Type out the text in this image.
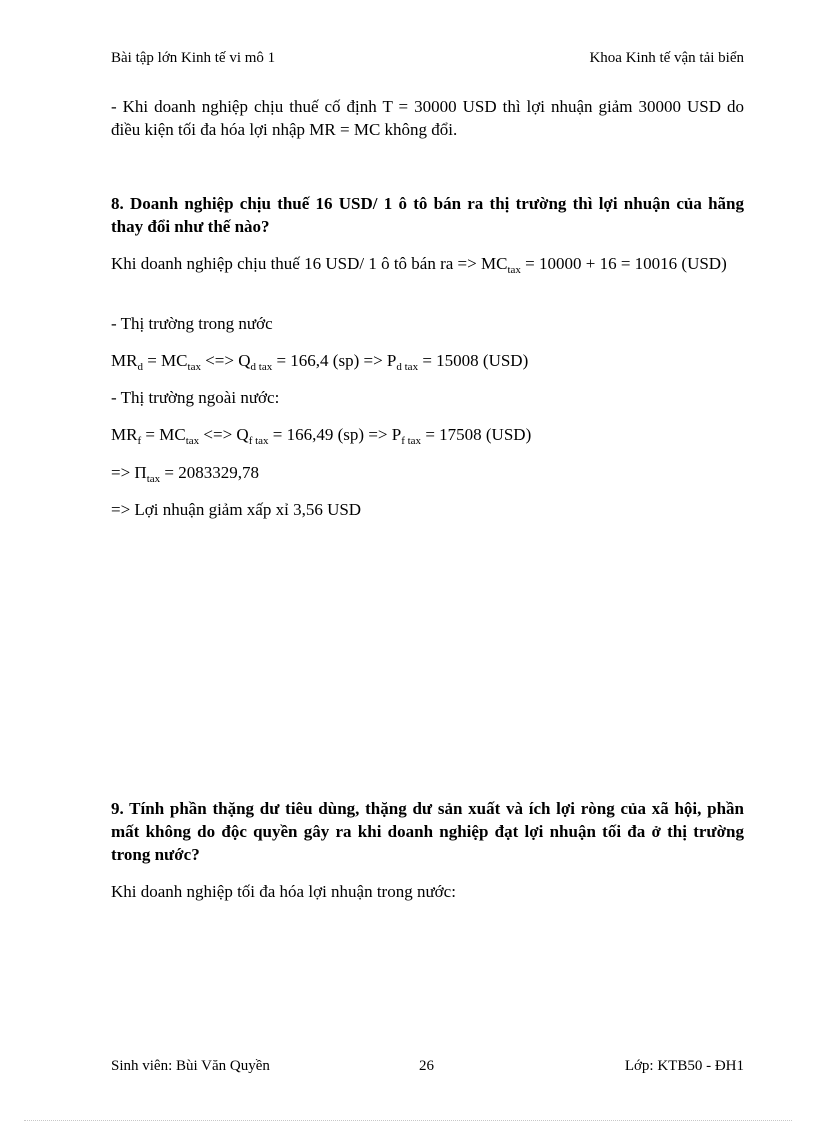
Bài tập lớn Kinh tế vi mô 1	Khoa Kinh tế vận tải biển
- Khi doanh nghiệp chịu thuế cố định T = 30000 USD thì lợi nhuận giảm 30000 USD do điều kiện tối đa hóa lợi nhập MR = MC không đổi.
8. Doanh nghiệp chịu thuế 16 USD/ 1 ô tô bán ra thị trường thì lợi nhuận của hãng thay đổi như thế nào?
Khi doanh nghiệp chịu thuế 16 USD/ 1 ô tô bán ra => $MC_{tax} = 10000 + 16 = 10016$ (USD)
- Thị trường trong nước
$MR_d = MC_{tax}$ <=> $Q_{d tax} = 166,4$ $(sp) => P_{d tax} = 15008$ (USD)
- Thị trường ngoài nước:
$MR_f = MC_{tax}$ <=> $Q_{f tax} = 166,49$ $(sp) => P_{f tax} = 17508$ (USD)
=> $\Pi_{tax} = 2083329,78$
=> Lợi nhuận giảm xấp xỉ 3,56 USD
9. Tính phần thặng dư tiêu dùng, thặng dư sản xuất và ích lợi ròng của xã hội, phần mất không do độc quyền gây ra khi doanh nghiệp đạt lợi nhuận tối đa ở thị trường trong nước?
Khi doanh nghiệp tối đa hóa lợi nhuận trong nước:
Sinh viên: Bùi Văn Quyền	26	Lớp: KTB50 - ĐH1
